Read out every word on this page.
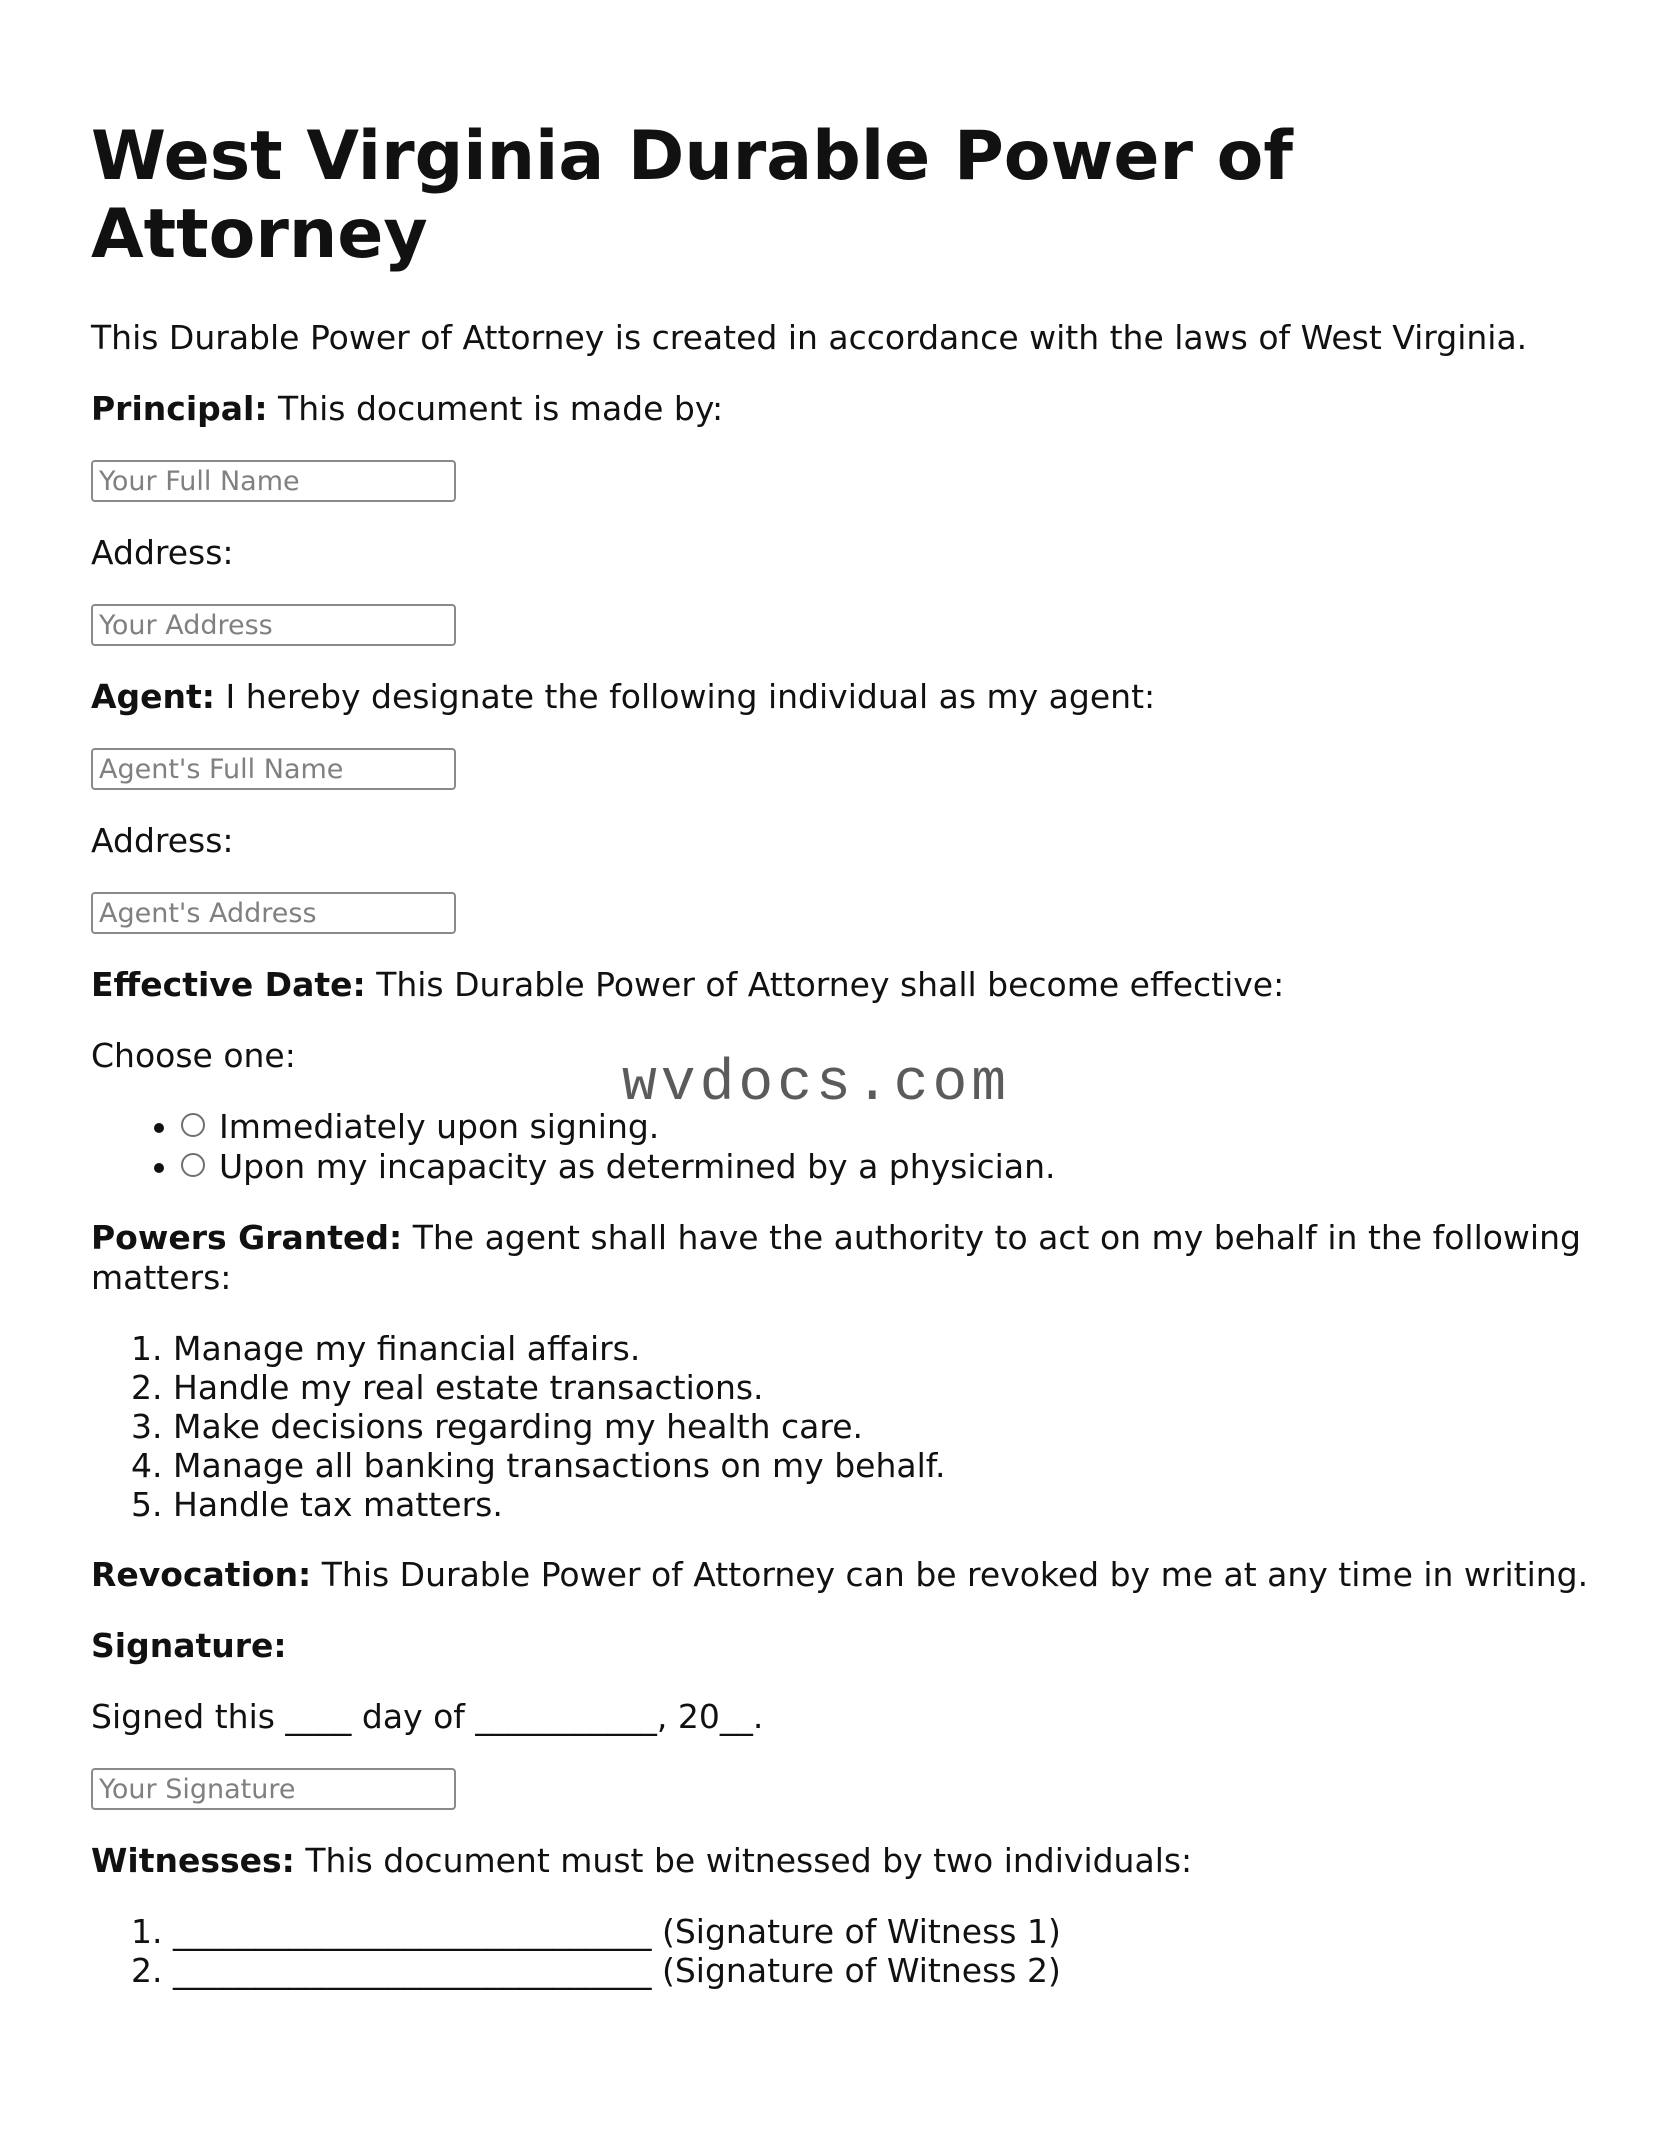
West Virginia Durable Power of Attorney

This Durable Power of Attorney is created in accordance with the laws of West Virginia.

Principal: This document is made by:

Your Full Name

Address:

Your Address

Agent: I hereby designate the following individual as my agent:

Agent's Full Name

Address:

Agent's Address

Effective Date: This Durable Power of Attorney shall become effective:

Choose one:

• Immediately upon signing.
• Upon my incapacity as determined by a physician.

Powers Granted: The agent shall have the authority to act on my behalf in the following matters:

1. Manage my financial affairs.
2. Handle my real estate transactions.
3. Make decisions regarding my health care.
4. Manage all banking transactions on my behalf.
5. Handle tax matters.

Revocation: This Durable Power of Attorney can be revoked by me at any time in writing.

Signature:

Signed this ____ day of ___________, 20__.

Your Signature

Witnesses: This document must be witnessed by two individuals:

1. _____________________________ (Signature of Witness 1)
2. _____________________________ (Signature of Witness 2)
wvdocs.com
